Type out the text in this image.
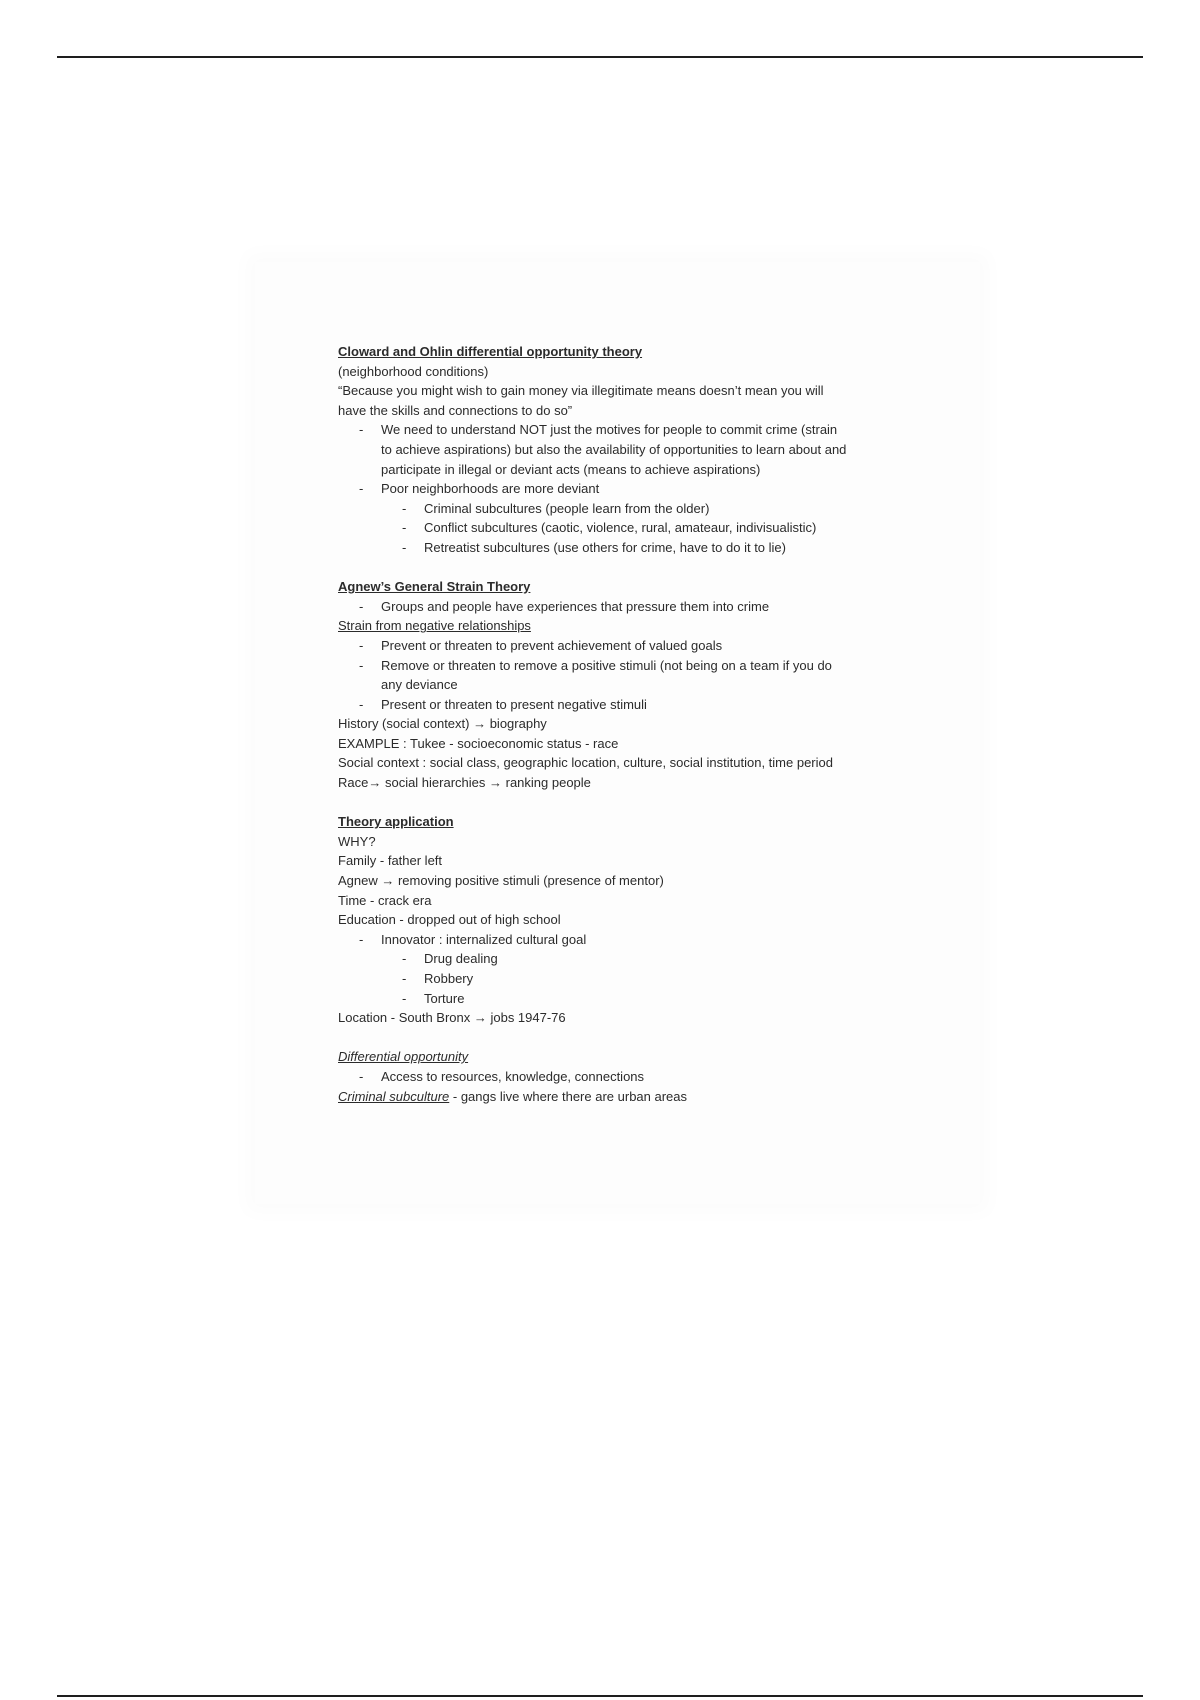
Cloward and Ohlin differential opportunity theory
(neighborhood conditions)
“Because you might wish to gain money via illegitimate means doesn’t mean you will
have the skills and connections to do so”
- We need to understand NOT just the motives for people to commit crime (strain
to achieve aspirations) but also the availability of opportunities to learn about and
participate in illegal or deviant acts (means to achieve aspirations)
- Poor neighborhoods are more deviant
- Criminal subcultures (people learn from the older)
- Conflict subcultures (caotic, violence, rural, amateaur, indivisualistic)
- Retreatist subcultures (use others for crime, have to do it to lie)
Agnew’s General Strain Theory
- Groups and people have experiences that pressure them into crime
Strain from negative relationships
- Prevent or threaten to prevent achievement of valued goals
- Remove or threaten to remove a positive stimuli (not being on a team if you do
any deviance
- Present or threaten to present negative stimuli
History (social context) → biography
EXAMPLE : Tukee - socioeconomic status - race
Social context : social class, geographic location, culture, social institution, time period
Race→ social hierarchies → ranking people
Theory application
WHY?
Family - father left
Agnew → removing positive stimuli (presence of mentor)
Time - crack era
Education - dropped out of high school
- Innovator : internalized cultural goal
- Drug dealing
- Robbery
- Torture
Location - South Bronx → jobs 1947-76
Differential opportunity
- Access to resources, knowledge, connections
Criminal subculture - gangs live where there are urban areas
